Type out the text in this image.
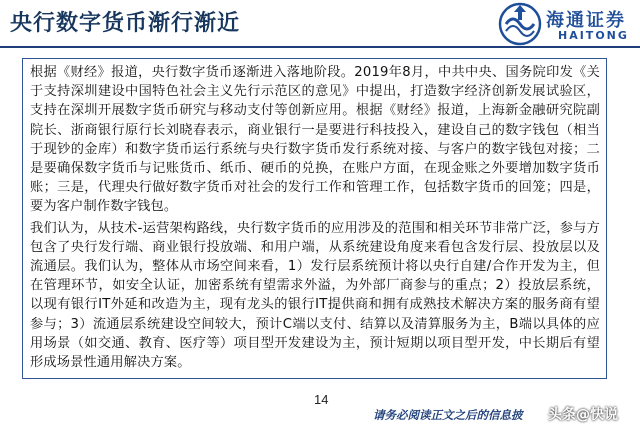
央行数字货币渐行渐近	海通证券
HAITONG

根据《财经》报道，央行数字货币逐渐进入落地阶段。2019年8月，中共中央、国务院印发《关于支持深圳建设中国特色社会主义先行示范区的意见》中提出，打造数字经济创新发展试验区，支持在深圳开展数字货币研究与移动支付等创新应用。根据《财经》报道，上海新金融研究院副院长、浙商银行原行长刘晓春表示，商业银行一是要进行科技投入，建设自己的数字钱包（相当于现钞的金库）和数字货币运行系统与央行数字货币发行系统对接、与客户的数字钱包对接；二是要确保数字货币与记账货币、纸币、硬币的兑换，在账户方面，在现金账之外要增加数字货币账；三是，代理央行做好数字货币对社会的发行工作和管理工作，包括数字货币的回笼；四是，要为客户制作数字钱包。

我们认为，从技术-运营架构路线，央行数字货币的应用涉及的范围和相关环节非常广泛，参与方包含了央行发行端、商业银行投放端、和用户端，从系统建设角度来看包含发行层、投放层以及流通层。我们认为，整体从市场空间来看，1）发行层系统预计将以央行自建/合作开发为主，但在管理环节，如安全认证，加密系统有望需求外溢，为外部厂商参与的重点；2）投放层系统，以现有银行IT外延和改造为主，现有龙头的银行IT提供商和拥有成熟技术解决方案的服务商有望参与；3）流通层系统建设空间较大，预计C端以支付、结算以及清算服务为主，B端以具体的应用场景（如交通、教育、医疗等）项目型开发建设为主，预计短期以项目型开发，中长期后有望形成场景性通用解决方案。

14
请务必阅读正文之后的信息披 头条@快说
